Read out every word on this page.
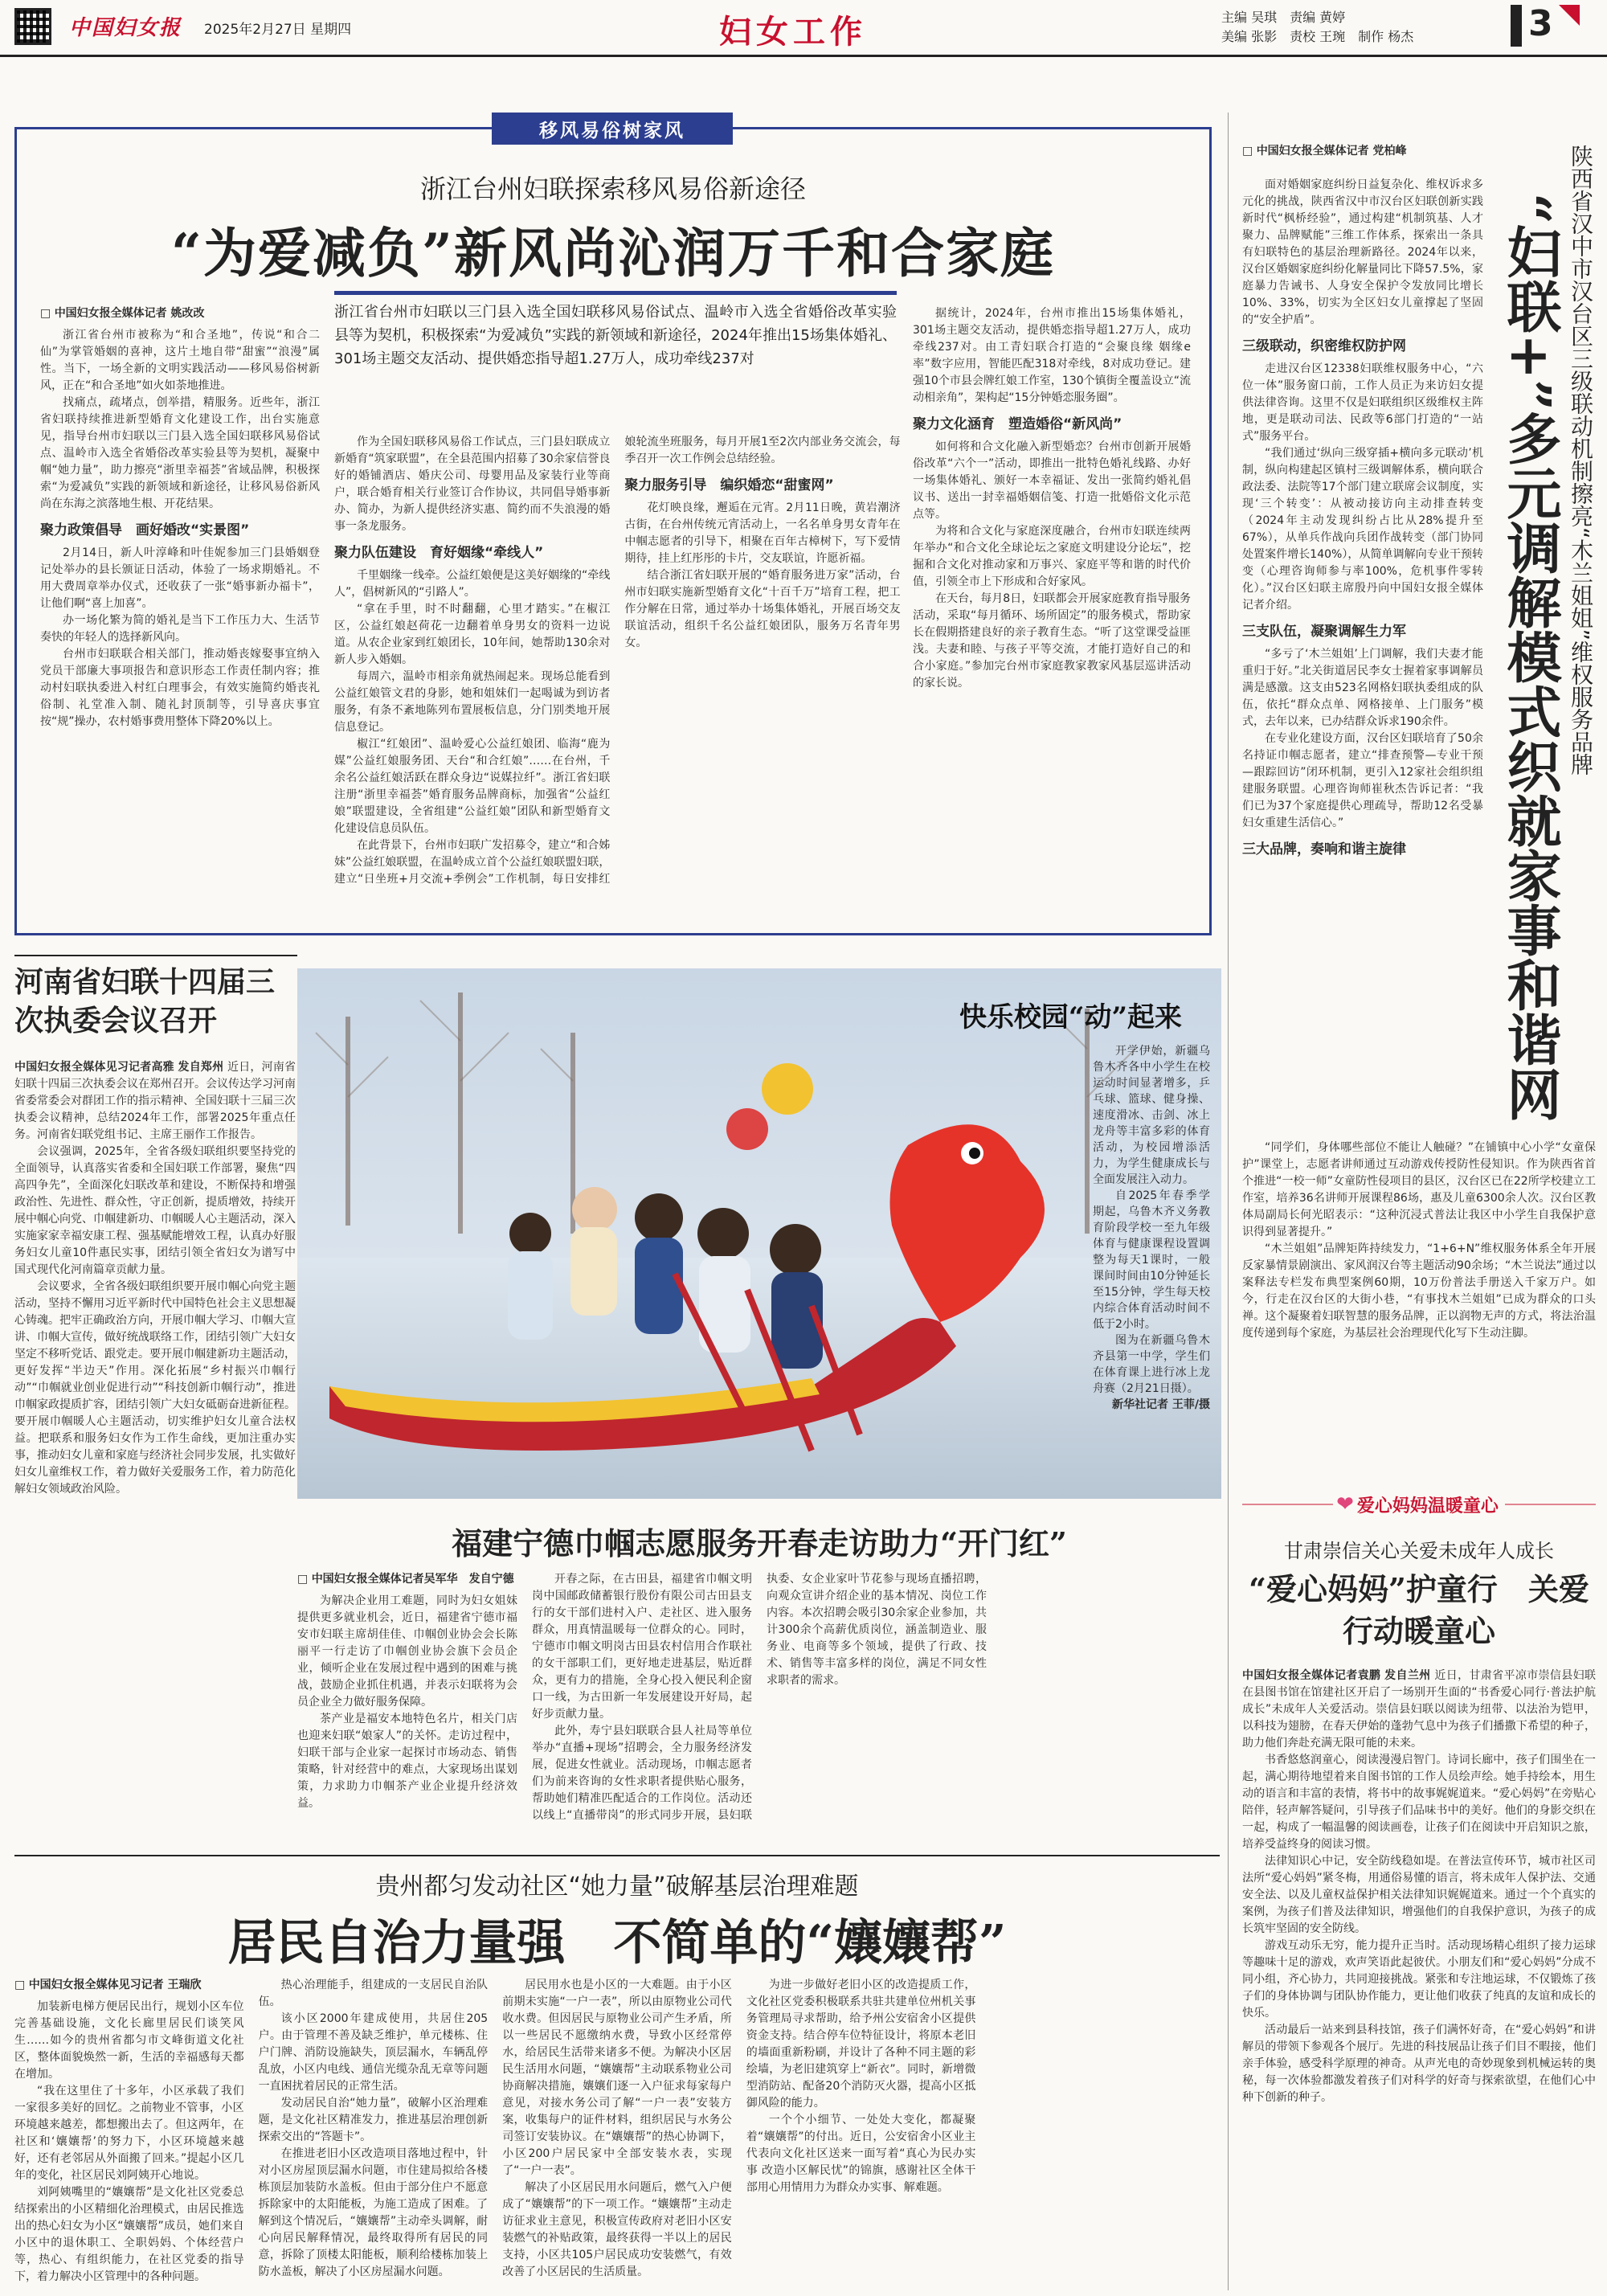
中国妇女报 2025年2月27日 星期四	妇女工作	主编 吴琪　责编 黄婷
美编 张影　责校 王琬　制作 杨杰	3
移风易俗树家风
浙江台州妇联探索移风易俗新途径
“为爱减负”新风尚沁润万千和合家庭
浙江省台州市妇联以三门县入选全国妇联移风易俗试点、温岭市入选全省婚俗改革实验县等为契机，积极探索“为爱减负”实践的新领域和新途径，2024年推出15场集体婚礼、301场主题交友活动、提供婚恋指导超1.27万人，成功牵线237对
□ 中国妇女报全媒体记者 姚改改

浙江省台州市被称为“和合圣地”，传说“和合二仙”为掌管婚姻的喜神，这片土地自带“甜蜜”“浪漫”属性。当下，一场全新的文明实践活动——移风易俗树新风，正在“和合圣地”如火如荼地推进。

找痛点，疏堵点，创举措，精服务。近些年，浙江省妇联持续推进新型婚育文化建设工作，出台实施意见，指导台州市妇联以三门县入选全国妇联移风易俗试点、温岭市入选全省婚俗改革实验县等为契机，凝聚中帼“她力量”，助力擦亮“浙里幸福荟”省域品牌，积极探索“为爱减负”实践的新领域和新途径，让移风易俗新风尚在东海之滨落地生根、开花结果。

聚力政策倡导　画好婚改“实景图”

2月14日，新人叶淳峰和叶佳妮参加三门县婚姻登记处举办的县长颁证日活动，体验了一场求期婚礼。不用大费周章举办仪式，还收获了一张“婚事新办福卡”，让他们啊“喜上加喜”。

办一场化繁为简的婚礼是当下工作压力大、生活节奏快的年轻人的选择新风向。

台州市妇联联合相关部门，推动婚丧嫁娶事宜纳入党员干部廉大事项报告和意识形态工作责任制内容；推动村妇联执委进入村红白理事会，有效实施简约婚丧礼俗制、礼堂准入制、随礼封顶制等，引导喜庆事宜按“规”操办，农村婚事费用整体下降20%以上。

作为全国妇联移风易俗工作试点，三门县妇联成立新婚育“筑家联盟”，在全县范围内招募了30余家信誉良好的婚铺酒店、婚庆公司、母婴用品及家装行业等商户，联合婚育相关行业签订合作协议，共同倡导婚事新办、简办，为新人提供经济实惠、简约而不失浪漫的婚事一条龙服务。

聚力队伍建设　育好姻缘“牵线人”

千里姻缘一线牵。公益红娘便是这美好姻缘的“牵线人”，倡树新风的“引路人”。

“拿在手里，时不时翻翻，心里才踏实。”在椒江区，公益红娘赵荷花一边翻着单身男女的资料一边说道。从农企业家到红娘团长，10年间，她帮助130余对新人步入婚姻。

每周六，温岭市相亲角就热闹起来。现场总能看到公益红娘管文君的身影，她和姐妹们一起喝诚为到访者服务，有条不紊地陈列布置展板信息，分门别类地开展信息登记。

椒江“红娘团”、温岭爱心公益红娘团、临海“鹿为媒”公益红娘服务团、天台“和合红娘”……在台州，千余名公益红娘活跃在群众身边“说媒拉纤”。浙江省妇联注册“浙里幸福荟”婚育服务品牌商标，加强省“公益红娘”联盟建设，全省组建“公益红娘”团队和新型婚育文化建设信息员队伍。

在此背景下，台州市妇联广发招募令，建立“和合姊妹”公益红娘联盟，在温岭成立首个公益红娘联盟妇联，建立“日坐班+月交流+季例会”工作机制，每日安排红娘轮流坐班服务，每月开展1至2次内部业务交流会，每季召开一次工作例会总结经验。

聚力服务引导　编织婚恋“甜蜜网”

花灯映良缘，邂逅在元宵。2月11日晚，黄岩潮济古街，在台州传统元宵活动上，一名名单身男女青年在中帼志愿者的引导下，相聚在百年古樟树下，写下爱情期待，挂上红彤彤的卡片，交友联谊，许愿祈福。

结合浙江省妇联开展的“婚育服务进万家”活动，台州市妇联实施新型婚育文化“十百千万”培育工程，把工作分解在日常，通过举办十场集体婚礼，开展百场交友联谊活动，组织千名公益红娘团队，服务万名青年男女。

据统计，2024年，台州市推出15场集体婚礼，301场主题交友活动，提供婚恋指导超1.27万人，成功牵线237对。由工青妇联合打造的“会聚良缘 姻缘e率”数字应用，智能匹配318对牵线，8对成功登记。建强10个市县会牌红娘工作室，130个镇街全覆盖设立“流动相亲角”，架构起“15分钟婚恋服务圈”。

聚力文化涵育　塑造婚俗“新风尚”

如何将和合文化融入新型婚恋？台州市创新开展婚俗改革“六个一”活动，即推出一批特色婚礼线路、办好一场集体婚礼、颁好一本幸福证、发出一张简约婚礼倡议书、送出一封幸福婚姻信笺、打造一批婚俗文化示范点等。

为将和合文化与家庭深度融合，台州市妇联连续两年举办“和合文化全球论坛之家庭文明建设分论坛”，挖掘和合文化对推动家和万事兴、家庭平等和谐的时代价值，引领全市上下形成和合好家风。

在天台，每月8日，妇联都会开展家庭教育指导服务活动，采取“每月循环、场所固定”的服务模式，帮助家长在假期搭建良好的亲子教育生态。“听了这堂课受益匪浅。夫妻和睦、与孩子平等交流，才能打造好自己的和合小家庭。”参加完台州市家庭教家教家风基层巡讲活动的家长说。

□ 中国妇女报全媒体记者 党柏峰	陕西省汉中市汉台区三级联动机制擦亮“木兰姐姐”维权服务品牌
“妇联+”多元调解模式织就家事和谐网

面对婚姻家庭纠纷日益复杂化、维权诉求多元化的挑战，陕西省汉中市汉台区妇联创新实践新时代“枫桥经验”，通过构建“机制筑基、人才聚力、品牌赋能”三维工作体系，探索出一条具有妇联特色的基层治理新路径。2024年以来，汉台区婚姻家庭纠纷化解量同比下降57.5%，家庭暴力告诫书、人身安全保护令发放同比增长10%、33%，切实为全区妇女儿童撑起了坚固的“安全护盾”。

三级联动，织密维权防护网

走进汉台区12338妇联维权服务中心，“六位一体”服务窗口前，工作人员正为来访妇女提供法律咨询。这里不仅是妇联组织区级维权主阵地，更是联动司法、民政等6部门打造的“一站式”服务平台。

“我们通过‘纵向三级穿插+横向多元联动’机制，纵向构建起区镇村三级调解体系，横向联合政法委、法院等17个部门建立联席会议制度，实现‘三个转变’：从被动接访向主动排查转变（2024年主动发现纠纷占比从28%提升至67%），从单兵作战向兵团作战转变（部门协同处置案件增长140%），从简单调解向专业干预转变（心理咨询师参与率100%，危机事件零转化）。”汉台区妇联主席殷丹向中国妇女报全媒体记者介绍。

三支队伍，凝聚调解生力军

“多亏了‘木兰姐姐’上门调解，我们夫妻才能重归于好。”北关街道居民李女士握着家事调解员满是感激。这支由523名网格妇联执委组成的队伍，依托“群众点单、网格接单、上门服务”模式，去年以来，已办结群众诉求190余件。

在专业化建设方面，汉台区妇联培育了50余名持证巾帼志愿者，建立“排查预警—专业干预—跟踪回访”闭环机制，更引入12家社会组织组建服务联盟。心理咨询师崔秋杰告诉记者：“我们已为37个家庭提供心理疏导，帮助12名受暴妇女重建生活信心。”

三大品牌，奏响和谐主旋律

“同学们，身体哪些部位不能让人触碰？”在铺镇中心小学“女童保护”课堂上，志愿者讲师通过互动游戏传授防性侵知识。作为陕西省首个推进“一校一师”女童防性侵项目的县区，汉台区已在22所学校建立工作室，培养36名讲师开展课程86场，惠及儿童6300余人次。汉台区教体局副局长何光昭表示：“这种沉浸式普法让我区中小学生自我保护意识得到显著提升。”

“木兰姐姐”品牌矩阵持续发力，“1+6+N”维权服务体系全年开展反家暴情景剧演出、家风润汉台等主题活动90余场；“木兰说法”通过以案释法专栏发布典型案例60期，10万份普法手册送入千家万户。如今，行走在汉台区的大街小巷，“有事找木兰姐姐”已成为群众的口头禅。这个凝聚着妇联智慧的服务品牌，正以润物无声的方式，将法治温度传递到每个家庭，为基层社会治理现代化写下生动注脚。

河南省妇联十四届三次执委会议召开

中国妇女报全媒体见习记者高雅 发自郑州 近日，河南省妇联十四届三次执委会议在郑州召开。会议传达学习河南省委常委会对群团工作的指示精神、全国妇联十三届三次执委会议精神，总结2024年工作，部署2025年重点任务。河南省妇联党组书记、主席王丽作工作报告。

会议强调，2025年，全省各级妇联组织要坚持党的全面领导，认真落实省委和全国妇联工作部署，聚焦“四高四争先”，全面深化妇联改革和建设，不断保持和增强政治性、先进性、群众性，守正创新，提质增效，持续开展中帼心向党、巾帼建新功、巾帼暖人心主题活动，深入实施家家幸福安康工程、强基赋能增效工程，认真办好服务妇女儿童10件惠民实事，团结引领全省妇女为谱写中国式现代化河南篇章贡献力量。

会议要求，全省各级妇联组织要开展巾帼心向党主题活动，坚持不懈用习近平新时代中国特色社会主义思想凝心铸魂。把牢正确政治方向，开展巾帼大学习、巾帼大宣讲、巾帼大宣传，做好统战联络工作，团结引领广大妇女坚定不移听党话、跟党走。要开展巾帼建新功主题活动，更好发挥“半边天”作用。深化拓展“乡村振兴巾帼行动”“巾帼就业创业促进行动”“科技创新巾帼行动”，推进巾帼家政提质扩容，团结引领广大妇女砥砺奋进新征程。要开展巾帼暖人心主题活动，切实维护妇女儿童合法权益。把联系和服务妇女作为工作生命线，更加注重办实事，推动妇女儿童和家庭与经济社会同步发展，扎实做好妇女儿童维权工作，着力做好关爱服务工作，着力防范化解妇女领域政治风险。

快乐校园“动”起来

开学伊始，新疆乌鲁木齐各中小学生在校运动时间显著增多，乒乓球、篮球、健身操、速度滑冰、击剑、冰上龙舟等丰富多彩的体育活动，为校园增添活力，为学生健康成长与全面发展注入动力。

自2025年春季学期起，乌鲁木齐义务教育阶段学校一至九年级体育与健康课程设置调整为每天1课时，一般课间时间由10分钟延长至15分钟，学生每天校内综合体育活动时间不低于2小时。

图为在新疆乌鲁木齐县第一中学，学生们在体育课上进行冰上龙舟赛（2月21日摄）。

新华社记者 王菲/摄

福建宁德巾帼志愿服务开春走访助力“开门红”
□ 中国妇女报全媒体记者吴军华　发自宁德

为解决企业用工难题，同时为妇女姐妹提供更多就业机会，近日，福建省宁德市福安市妇联主席胡佳佳、巾帼创业协会会长陈丽平一行走访了巾帼创业协会旗下会员企业，倾听企业在发展过程中遇到的困难与挑战，鼓励企业抓住机遇，并表示妇联将为会员企业全力做好服务保障。

茶产业是福安本地特色名片，相关门店也迎来妇联“娘家人”的关怀。走访过程中，妇联干部与企业家一起探讨市场动态、销售策略，针对经营中的难点，大家现场出谋划策，力求助力巾帼茶产业企业提升经济效益。

开春之际，在古田县，福建省巾帼文明岗中国邮政储蓄银行股份有限公司古田县支行的女干部们进村入户、走社区、进入服务群众，用真情温暖每一位群众的心。同时，宁德市巾帼文明岗古田县农村信用合作联社的女干部职工们，更好地走进基层，贴近群众，更有力的措施，全身心投入便民利企窗口一线，为古田新一年发展建设开好局，起好步贡献力量。

此外，寿宁县妇联联合县人社局等单位举办“直播+现场”招聘会，全力服务经济发展，促进女性就业。活动现场，巾帼志愿者们为前来咨询的女性求职者提供贴心服务，帮助她们精准匹配适合的工作岗位。活动还以线上“直播带岗”的形式同步开展，县妇联执委、女企业家叶节花参与现场直播招聘，向观众宣讲介绍企业的基本情况、岗位工作内容。本次招聘会吸引30余家企业参加，共计300余个高薪优质岗位，涵盖制造业、服务业、电商等多个领域，提供了行政、技术、销售等丰富多样的岗位，满足不同女性求职者的需求。

❤ 爱心妈妈温暖童心
甘肃崇信关心关爱未成年人成长
“爱心妈妈”护童行　关爱行动暖童心

中国妇女报全媒体记者袁鹏 发自兰州 近日，甘肃省平凉市崇信县妇联在县图书馆在馆建社区开启了一场别开生面的“书香爱心同行·普法护航成长”未成年人关爱活动。崇信县妇联以阅读为纽带、以法治为铠甲，以科技为翅膀，在春天伊始的蓬勃气息中为孩子们播撒下希望的种子，助力他们奔赴充满无限可能的未来。

书香悠悠润童心，阅读漫漫启智门。诗词长廊中，孩子们围坐在一起，满心期待地望着来自图书馆的工作人员绘声绘。她手持绘本，用生动的语言和丰富的表情，将书中的故事娓娓道来。“爱心妈妈”在旁贴心陪伴，轻声解答疑问，引导孩子们品味书中的美好。他们的身影交织在一起，构成了一幅温馨的阅读画卷，让孩子们在阅读中开启知识之旅，培养受益终身的阅读习惯。

法律知识心中记，安全防线稳如堤。在普法宣传环节，城市社区司法所“爱心妈妈”紧冬梅，用通俗易懂的语言，将未成年人保护法、交通安全法、以及儿童权益保护相关法律知识娓娓道来。通过一个个真实的案例，为孩子们普及法律知识，增强他们的自我保护意识，为孩子的成长筑牢坚固的安全防线。

游戏互动乐无穷，能力提升正当时。活动现场精心组织了接力运球等趣味十足的游戏，欢声笑语此起彼伏。小朋友们和“爱心妈妈”分成不同小组，齐心协力，共同迎接挑战。紧张和专注地运球，不仅锻炼了孩子们的身体协调与团队协作能力，更让他们收获了纯真的友谊和成长的快乐。

活动最后一站来到县科技馆，孩子们满怀好奇，在“爱心妈妈”和讲解员的带领下参观各个展厅。先进的科技展品让孩子们目不暇接，他们亲手体验，感受科学原理的神奇。从声光电的奇妙现象到机械运转的奥秘，每一次体验都激发着孩子们对科学的好奇与探索欲望，在他们心中种下创新的种子。

贵州都匀发动社区“她力量”破解基层治理难题
居民自治力量强　不简单的“孃孃帮”
□ 中国妇女报全媒体见习记者 王瑞欣

加装新电梯方便居民出行，规划小区车位完善基础设施，文化长廊里居民们谈笑风生……如今的贵州省都匀市文峰街道文化社区，整体面貌焕然一新，生活的幸福感每天都在增加。

“我在这里住了十多年，小区承载了我们一家很多美好的回忆。之前物业不管事，小区环境越来越差，都想搬出去了。但这两年，在社区和‘孃孃帮’的努力下，小区环境越来越好，还有老邻居从外面搬了回来。”提起小区几年的变化，社区居民刘阿姨开心地说。

刘阿姨嘴里的“孃孃帮”是文化社区党委总结探索出的小区精细化治理模式，由居民推选出的热心妇女为小区“孃孃帮”成员，她们来自小区中的退休职工、全职妈妈、个体经营户等，热心、有组织能力，在社区党委的指导下，着力解决小区管理中的各种问题。

热心治理能手，组建成的一支居民自治队伍。

该小区2000年建成使用，共居住205户。由于管理不善及缺乏维护，单元楼栋、住户门牌、消防设施缺失，顶层漏水，车辆乱停乱放，小区内电线、通信光缆杂乱无章等问题一直困扰着居民的正常生活。

发动居民自治“她力量”，破解小区治理难题，是文化社区精准发力，推进基层治理创新探索交出的“答题卡”。

在推进老旧小区改造项目落地过程中，针对小区房屋顶层漏水问题，市住建局拟给各楼栋顶层加装防水盖板。但由于部分住户不愿意拆除家中的太阳能板，为施工造成了困难。了解到这个情况后，“孃孃帮”主动牵头调解，耐心向居民解释情况，最终取得所有居民的同意，拆除了顶楼太阳能板，顺利给楼栋加装上防水盖板，解决了小区房屋漏水问题。

居民用水也是小区的一大难题。由于小区前期未实施“一户一表”，所以由原物业公司代收水费。但因居民与原物业公司产生矛盾，所以一些居民不愿缴纳水费，导致小区经常停水，给居民生活带来诸多不便。为解决小区居民生活用水问题，“孃孃帮”主动联系物业公司协商解决措施，孃孃们逐一入户征求每家每户意见，对接水务公司了解“一户一表”安装方案，收集每户的证件材料，组织居民与水务公司签订安装协议。在“孃孃帮”的热心协调下，小区200户居民家中全部安装水表，实现了“一户一表”。

解决了小区居民用水问题后，燃气入户便成了“孃孃帮”的下一项工作。“孃孃帮”主动走访征求业主意见，积极宣传政府对老旧小区安装燃气的补贴政策，最终获得一半以上的居民支持，小区共105户居民成功安装燃气，有效改善了小区居民的生活质量。

为进一步做好老旧小区的改造提质工作，文化社区党委积极联系共驻共建单位州机关事务管理局寻求帮助，给予州公安宿舍小区提供资金支持。结合停车位特征设计，将原本老旧的墙面重新粉刷，并设计了各种不同主题的彩绘墙，为老旧建筑穿上“新衣”。同时，新增微型消防站、配备20个消防灭火器，提高小区抵御风险的能力。

一个个小细节、一处处大变化，都凝聚着“孃孃帮”的付出。近日，公安宿舍小区业主代表向文化社区送来一面写着“真心为民办实事 改造小区解民忧”的锦旗，感谢社区全体干部用心用情用力为群众办实事、解难题。
